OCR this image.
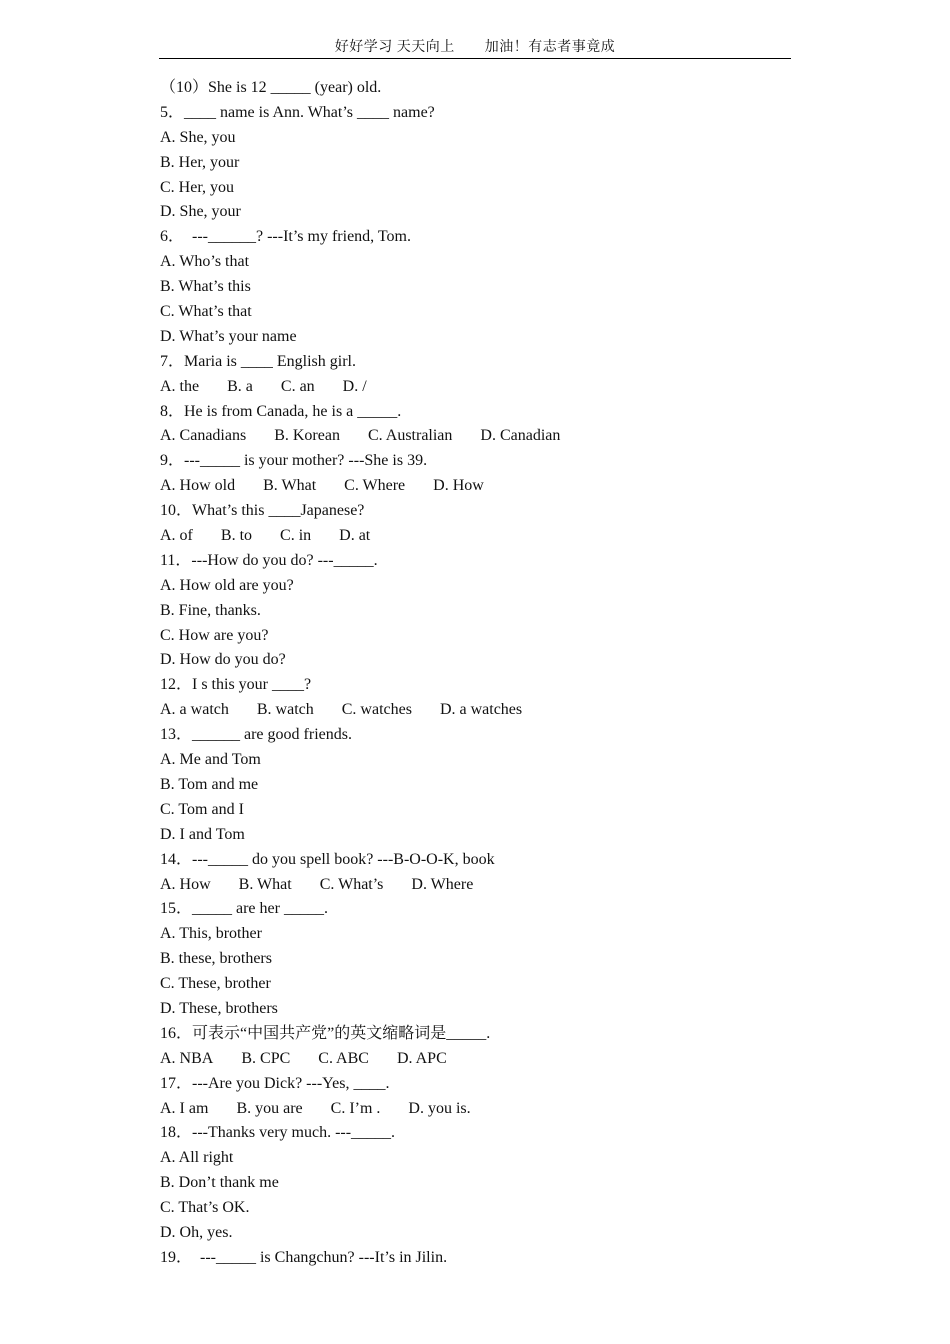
好好学习 天天向上 加油！有志者事竟成
（10）She is 12 _____ (year) old.
5．____ name is Ann. What’s ____ name?
A. She, you
B. Her, your
C. Her, you
D. She, your
6．  ---______? ---It’s my friend, Tom.
A. Who’s that
B. What’s this
C. What’s that
D. What’s your name
7．Maria is ____ English girl.
A. the B. a C. an D. /
8．He is from Canada, he is a _____.
A. Canadians B. Korean C. Australian D. Canadian
9．---_____ is your mother? ---She is 39.
A. How old B. What C. Where D. How
10．What’s this ____Japanese?
A. of B. to C. in D. at
11．---How do you do? ---_____.
A. How old are you?
B. Fine, thanks.
C. How are you?
D. How do you do?
12．I s this your ____?
A. a watch B. watch C. watches D. a watches
13．______ are good friends.
A. Me and Tom
B. Tom and me
C. Tom and I
D. I and Tom
14．---_____ do you spell book? ---B-O-O-K, book
A. How B. What C. What’s D. Where
15．_____ are her _____.
A. This, brother
B. these, brothers
C. These, brother
D. These, brothers
16．可表示“中国共产党”的英文缩略词是_____.
A. NBA B. CPC C. ABC D. APC
17．---Are you Dick? ---Yes, ____.
A. I am B. you are C. I’m . D. you is.
18．---Thanks very much. ---_____.
A. All right
B. Don’t thank me
C. That’s OK.
D. Oh, yes.
19．  ---_____ is Changchun? ---It’s in Jilin.
